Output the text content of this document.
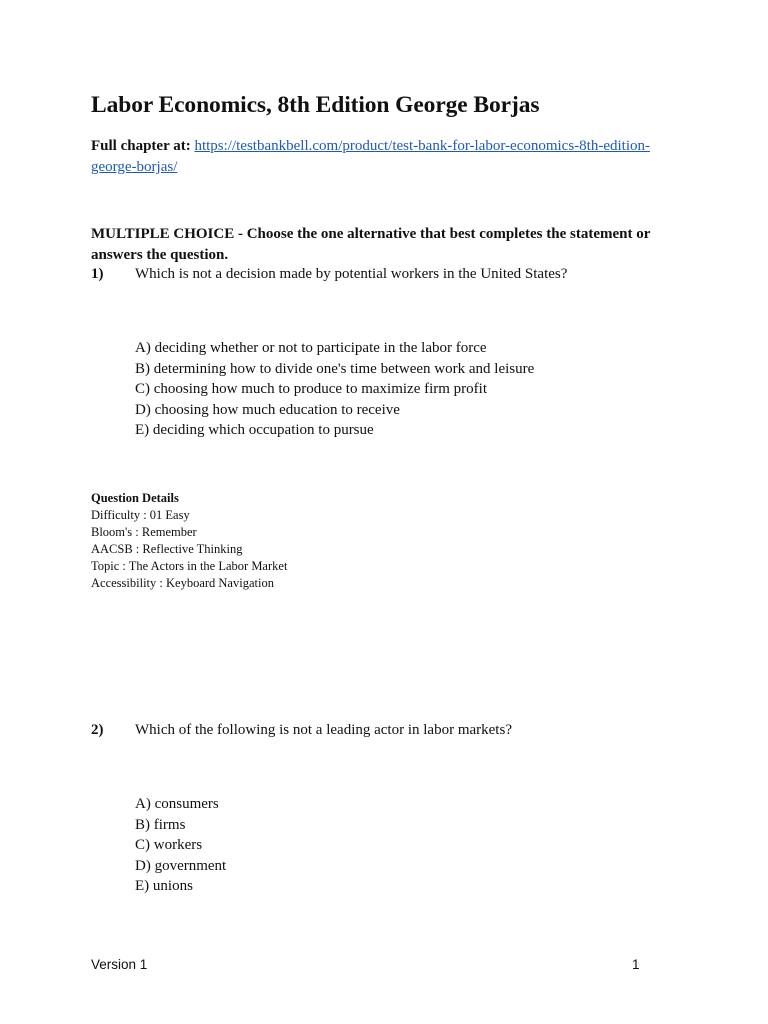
Labor Economics, 8th Edition George Borjas
Full chapter at: https://testbankbell.com/product/test-bank-for-labor-economics-8th-edition-
george-borjas/
MULTIPLE CHOICE - Choose the one alternative that best completes the statement or answers the question.
1) Which is not a decision made by potential workers in the United States?
A) deciding whether or not to participate in the labor force
B) determining how to divide one's time between work and leisure
C) choosing how much to produce to maximize firm profit
D) choosing how much education to receive
E) deciding which occupation to pursue
Question Details
Difficulty : 01 Easy
Bloom's : Remember
AACSB : Reflective Thinking
Topic : The Actors in the Labor Market
Accessibility : Keyboard Navigation
2) Which of the following is not a leading actor in labor markets?
A) consumers
B) firms
C) workers
D) government
E) unions
Version 1	1
